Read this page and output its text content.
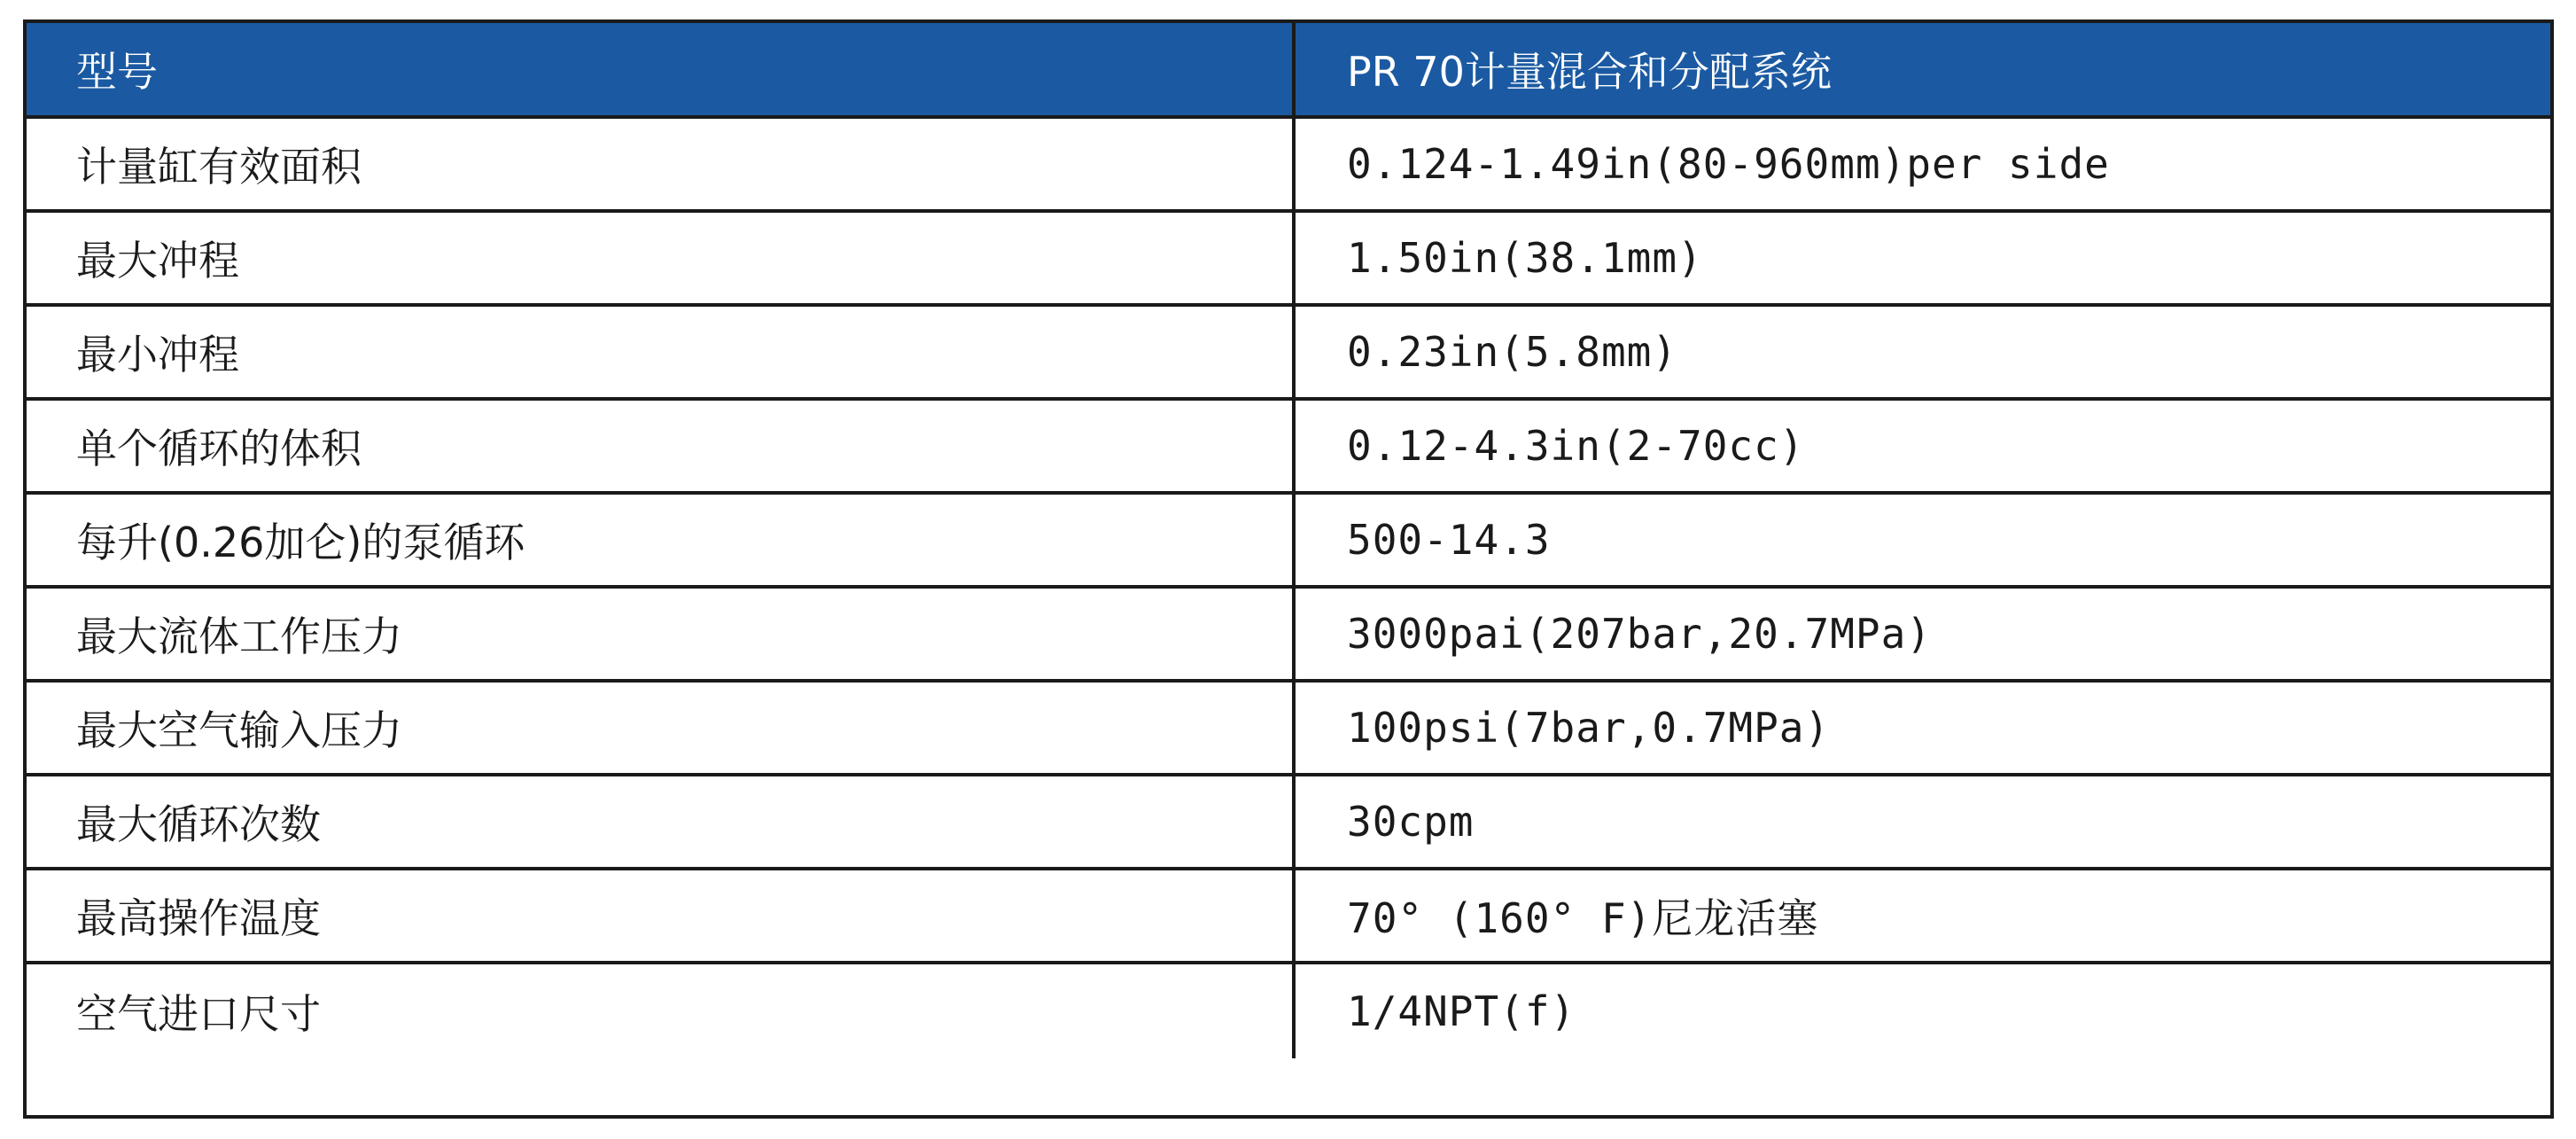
型号	PR 70计量混合和分配系统
计量缸有效面积	0.124-1.49in(80-960mm)per side
最大冲程	1.50in(38.1mm)
最小冲程	0.23in(5.8mm)
单个循环的体积	0.12-4.3in(2-70cc)
每升(0.26加仑)的泵循环	500-14.3
最大流体工作压力	3000pai(207bar,20.7MPa)
最大空气输入压力	100psi(7bar,0.7MPa)
最大循环次数	30cpm
最高操作温度	70° (160° F)尼龙活塞
空气进口尺寸	1/4NPT(f)
